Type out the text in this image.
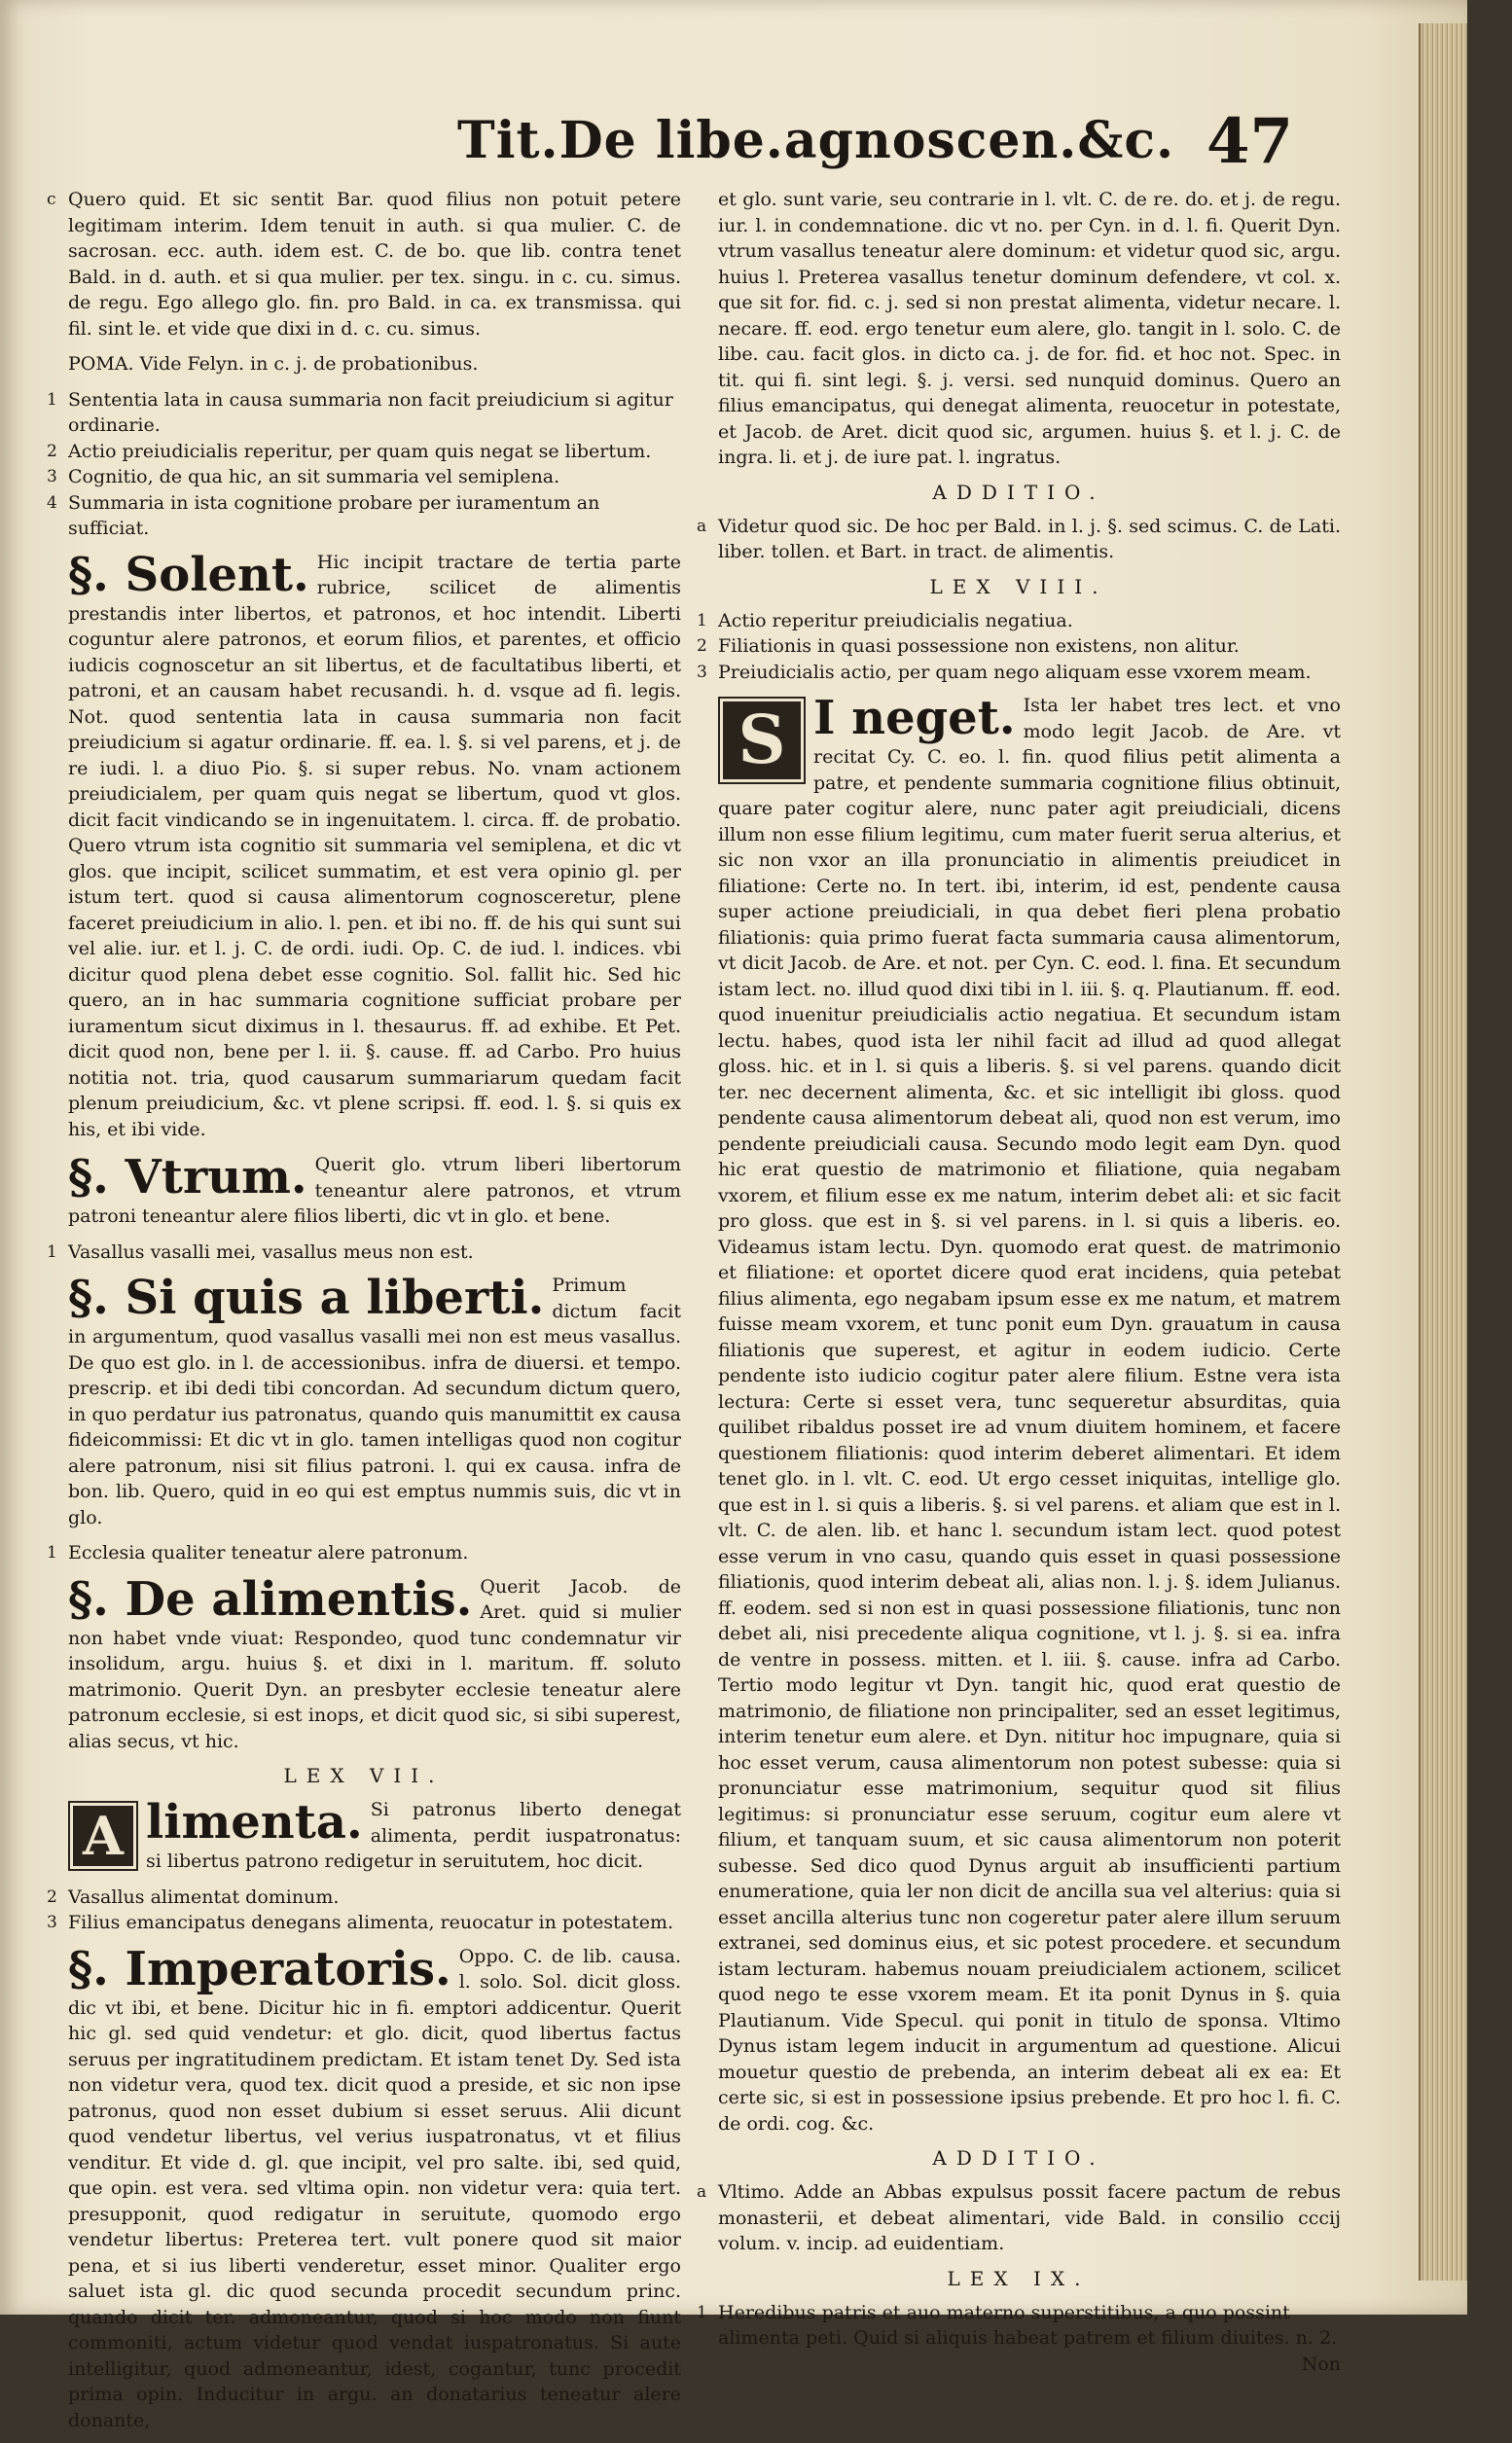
Tit.De libe.agnoscen.&c. 47
c Quero quid. Et sic sentit Bar. quod filius non potuit petere legitimam interim. Idem tenuit in auth. si qua mulier. C. de sacrosan. ecc. auth. idem est. C. de bo. que lib. contra tenet Bald. in d. auth. et si qua mulier. per tex. singu. in c. cu. simus. de regu. Ego allego glo. fin. pro Bald. in ca. ex transmissa. qui fil. sint le. et vide que dixi in d. c. cu. simus.
POMA. Vide Felyn. in c. j. de probationibus.
1 Sententia lata in causa summaria non facit preiudicium si agitur ordinarie.
2 Actio preiudicialis reperitur, per quam quis negat se libertum.
3 Cognitio, de qua hic, an sit summaria vel semiplena.
4 Summaria in ista cognitione probare per iuramentum an sufficiat.
§. Solent. Hic incipit tractare de tertia parte rubrice, scilicet de alimentis prestandis inter libertos, et patronos, et hoc intendit. Liberti coguntur alere patronos, et eorum filios, et parentes, et officio iudicis cognoscetur an sit libertus, et de facultatibus liberti, et patroni, et an causam habet recusandi. h. d. vsque ad fi. legis. Not. quod sententia lata in causa summaria non facit preiudicium si agatur ordinarie. ff. ea. l. §. si vel parens, et j. de re iudi. l. a diuo Pio. §. si super rebus. No. vnam actionem preiudicialem, per quam quis negat se libertum, quod vt glos. dicit facit vindicando se in ingenuitatem. l. circa. ff. de probatio. Quero vtrum ista cognitio sit summaria vel semiplena, et dic vt glos. que incipit, scilicet summatim, et est vera opinio gl. per istum tert. quod si causa alimentorum cognosceretur, plene faceret preiudicium in alio. l. pen. et ibi no. ff. de his qui sunt sui vel alie. iur. et l. j. C. de ordi. iudi. Op. C. de iud. l. indices. vbi dicitur quod plena debet esse cognitio. Sol. fallit hic. Sed hic quero, an in hac summaria cognitione sufficiat probare per iuramentum sicut diximus in l. thesaurus. ff. ad exhibe. Et Pet. dicit quod non, bene per l. ii. §. cause. ff. ad Carbo. Pro huius notitia not. tria, quod causarum summariarum quedam facit plenum preiudicium, &c. vt plene scripsi. ff. eod. l. §. si quis ex his, et ibi vide.
§. Vtrum. Querit glo. vtrum liberi libertorum teneantur alere patronos, et vtrum patroni teneantur alere filios liberti, dic vt in glo. et bene.
1 Vasallus vasalli mei, vasallus meus non est.
§. Si quis a liberti. Primum dictum facit in argumentum, quod vasallus vasalli mei non est meus vasallus. De quo est glo. in l. de accessionibus. infra de diuersi. et tempo. prescrip. et ibi dedi tibi concordan. Ad secundum dictum quero, in quo perdatur ius patronatus, quando quis manumittit ex causa fideicommissi: Et dic vt in glo. tamen intelligas quod non cogitur alere patronum, nisi sit filius patroni. l. qui ex causa. infra de bon. lib. Quero, quid in eo qui est emptus nummis suis, dic vt in glo.
1 Ecclesia qualiter teneatur alere patronum.
§. De alimentis. Querit Jacob. de Aret. quid si mulier non habet vnde viuat: Respondeo, quod tunc condemnatur vir insolidum, argu. huius §. et dixi in l. maritum. ff. soluto matrimonio. Querit Dyn. an presbyter ecclesie teneatur alere patronum ecclesie, si est inops, et dicit quod sic, si sibi superest, alias secus, vt hic.
LEX VII.
A limenta. Si patronus liberto denegat alimenta, perdit iuspatronatus: si libertus patrono redigetur in seruitutem, hoc dicit.
2 Vasallus alimentat dominum.
3 Filius emancipatus denegans alimenta, reuocatur in potestatem.
§. Imperatoris. Oppo. C. de lib. causa. l. solo. Sol. dicit gloss. dic vt ibi, et bene. Dicitur hic in fi. emptori addicentur. Querit hic gl. sed quid vendetur: et glo. dicit, quod libertus factus seruus per ingratitudinem predictam. Et istam tenet Dy. Sed ista non videtur vera, quod tex. dicit quod a preside, et sic non ipse patronus, quod non esset dubium si esset seruus. Alii dicunt quod vendetur libertus, vel verius iuspatronatus, vt et filius venditur. Et vide d. gl. que incipit, vel pro salte. ibi, sed quid, que opin. est vera. sed vltima opin. non videtur vera: quia tert. presupponit, quod redigatur in seruitute, quomodo ergo vendetur libertus: Preterea tert. vult ponere quod sit maior pena, et si ius liberti venderetur, esset minor. Qualiter ergo saluet ista gl. dic quod secunda procedit secundum princ. quando dicit ter. admoneantur, quod si hoc modo non fiunt commoniti, actum videtur quod vendat iuspatronatus. Si aute intelligitur, quod admoneantur, idest, cogantur, tunc procedit prima opin. Inducitur in argu. an donatarius teneatur alere donante,
et glo. sunt varie, seu contrarie in l. vlt. C. de re. do. et j. de regu. iur. l. in condemnatione. dic vt no. per Cyn. in d. l. fi. Querit Dyn. vtrum vasallus teneatur alere dominum: et videtur quod sic, argu. huius l. Preterea vasallus tenetur dominum defendere, vt col. x. que sit for. fid. c. j. sed si non prestat alimenta, videtur necare. l. necare. ff. eod. ergo tenetur eum alere, glo. tangit in l. solo. C. de libe. cau. facit glos. in dicto ca. j. de for. fid. et hoc not. Spec. in tit. qui fi. sint legi. §. j. versi. sed nunquid dominus. Quero an filius emancipatus, qui denegat alimenta, reuocetur in potestate, et Jacob. de Aret. dicit quod sic, argumen. huius §. et l. j. C. de ingra. li. et j. de iure pat. l. ingratus.
ADDITIO.
a Videtur quod sic. De hoc per Bald. in l. j. §. sed scimus. C. de Lati. liber. tollen. et Bart. in tract. de alimentis.
LEX VIII.
1 Actio reperitur preiudicialis negatiua.
2 Filiationis in quasi possessione non existens, non alitur.
3 Preiudicialis actio, per quam nego aliquam esse vxorem meam.
S I neget. Ista ler habet tres lect. et vno modo legit Jacob. de Are. vt recitat Cy. C. eo. l. fin. quod filius petit alimenta a patre, et pendente summaria cognitione filius obtinuit, quare pater cogitur alere, nunc pater agit preiudiciali, dicens illum non esse filium legitimu, cum mater fuerit serua alterius, et sic non vxor an illa pronunciatio in alimentis preiudicet in filiatione: Certe no. In tert. ibi, interim, id est, pendente causa super actione preiudiciali, in qua debet fieri plena probatio filiationis: quia primo fuerat facta summaria causa alimentorum, vt dicit Jacob. de Are. et not. per Cyn. C. eod. l. fina. Et secundum istam lect. no. illud quod dixi tibi in l. iii. §. q. Plautianum. ff. eod. quod inuenitur preiudicialis actio negatiua. Et secundum istam lectu. habes, quod ista ler nihil facit ad illud ad quod allegat gloss. hic. et in l. si quis a liberis. §. si vel parens. quando dicit ter. nec decernent alimenta, &c. et sic intelligit ibi gloss. quod pendente causa alimentorum debeat ali, quod non est verum, imo pendente preiudiciali causa. Secundo modo legit eam Dyn. quod hic erat questio de matrimonio et filiatione, quia negabam vxorem, et filium esse ex me natum, interim debet ali: et sic facit pro gloss. que est in §. si vel parens. in l. si quis a liberis. eo. Videamus istam lectu. Dyn. quomodo erat quest. de matrimonio et filiatione: et oportet dicere quod erat incidens, quia petebat filius alimenta, ego negabam ipsum esse ex me natum, et matrem fuisse meam vxorem, et tunc ponit eum Dyn. grauatum in causa filiationis que superest, et agitur in eodem iudicio. Certe pendente isto iudicio cogitur pater alere filium. Estne vera ista lectura: Certe si esset vera, tunc sequeretur absurditas, quia quilibet ribaldus posset ire ad vnum diuitem hominem, et facere questionem filiationis: quod interim deberet alimentari. Et idem tenet glo. in l. vlt. C. eod. Ut ergo cesset iniquitas, intellige glo. que est in l. si quis a liberis. §. si vel parens. et aliam que est in l. vlt. C. de alen. lib. et hanc l. secundum istam lect. quod potest esse verum in vno casu, quando quis esset in quasi possessione filiationis, quod interim debeat ali, alias non. l. j. §. idem Julianus. ff. eodem. sed si non est in quasi possessione filiationis, tunc non debet ali, nisi precedente aliqua cognitione, vt l. j. §. si ea. infra de ventre in possess. mitten. et l. iii. §. cause. infra ad Carbo. Tertio modo legitur vt Dyn. tangit hic, quod erat questio de matrimonio, de filiatione non principaliter, sed an esset legitimus, interim tenetur eum alere. et Dyn. nititur hoc impugnare, quia si hoc esset verum, causa alimentorum non potest subesse: quia si pronunciatur esse matrimonium, sequitur quod sit filius legitimus: si pronunciatur esse seruum, cogitur eum alere vt filium, et tanquam suum, et sic causa alimentorum non poterit subesse. Sed dico quod Dynus arguit ab insufficienti partium enumeratione, quia ler non dicit de ancilla sua vel alterius: quia si esset ancilla alterius tunc non cogeretur pater alere illum seruum extranei, sed dominus eius, et sic potest procedere. et secundum istam lecturam. habemus nouam preiudicialem actionem, scilicet quod nego te esse vxorem meam. Et ita ponit Dynus in §. quia Plautianum. Vide Specul. qui ponit in titulo de sponsa. Vltimo Dynus istam legem inducit in argumentum ad questione. Alicui mouetur questio de prebenda, an interim debeat ali ex ea: Et certe sic, si est in possessione ipsius prebende. Et pro hoc l. fi. C. de ordi. cog. &c.
ADDITIO.
a Vltimo. Adde an Abbas expulsus possit facere pactum de rebus monasterii, et debeat alimentari, vide Bald. in consilio cccij volum. v. incip. ad euidentiam.
LEX IX.
1 Heredibus patris et auo materno superstitibus, a quo possint alimenta peti. Quid si aliquis habeat patrem et filium diuites. n. 2.
Non
